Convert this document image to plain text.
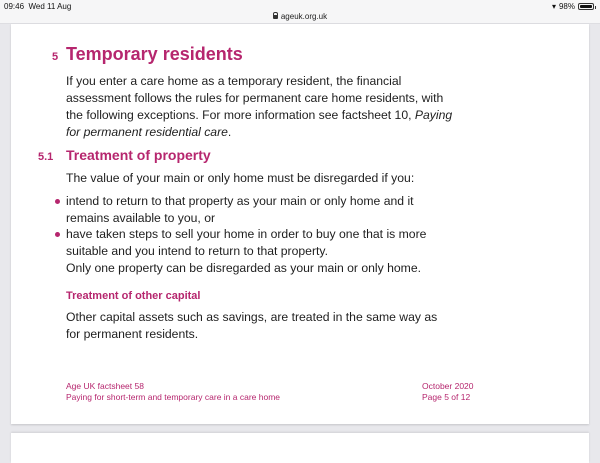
09:46 Wed 11 Aug
ageuk.org.uk
▾ 98%
5 Temporary residents
If you enter a care home as a temporary resident, the financial assessment follows the rules for permanent care home residents, with the following exceptions. For more information see factsheet 10, Paying for permanent residential care.
5.1 Treatment of property
The value of your main or only home must be disregarded if you:
intend to return to that property as your main or only home and it remains available to you, or
have taken steps to sell your home in order to buy one that is more suitable and you intend to return to that property.
Only one property can be disregarded as your main or only home.
Treatment of other capital
Other capital assets such as savings, are treated in the same way as for permanent residents.
Age UK factsheet 58
Paying for short-term and temporary care in a care home
October 2020
Page 5 of 12
